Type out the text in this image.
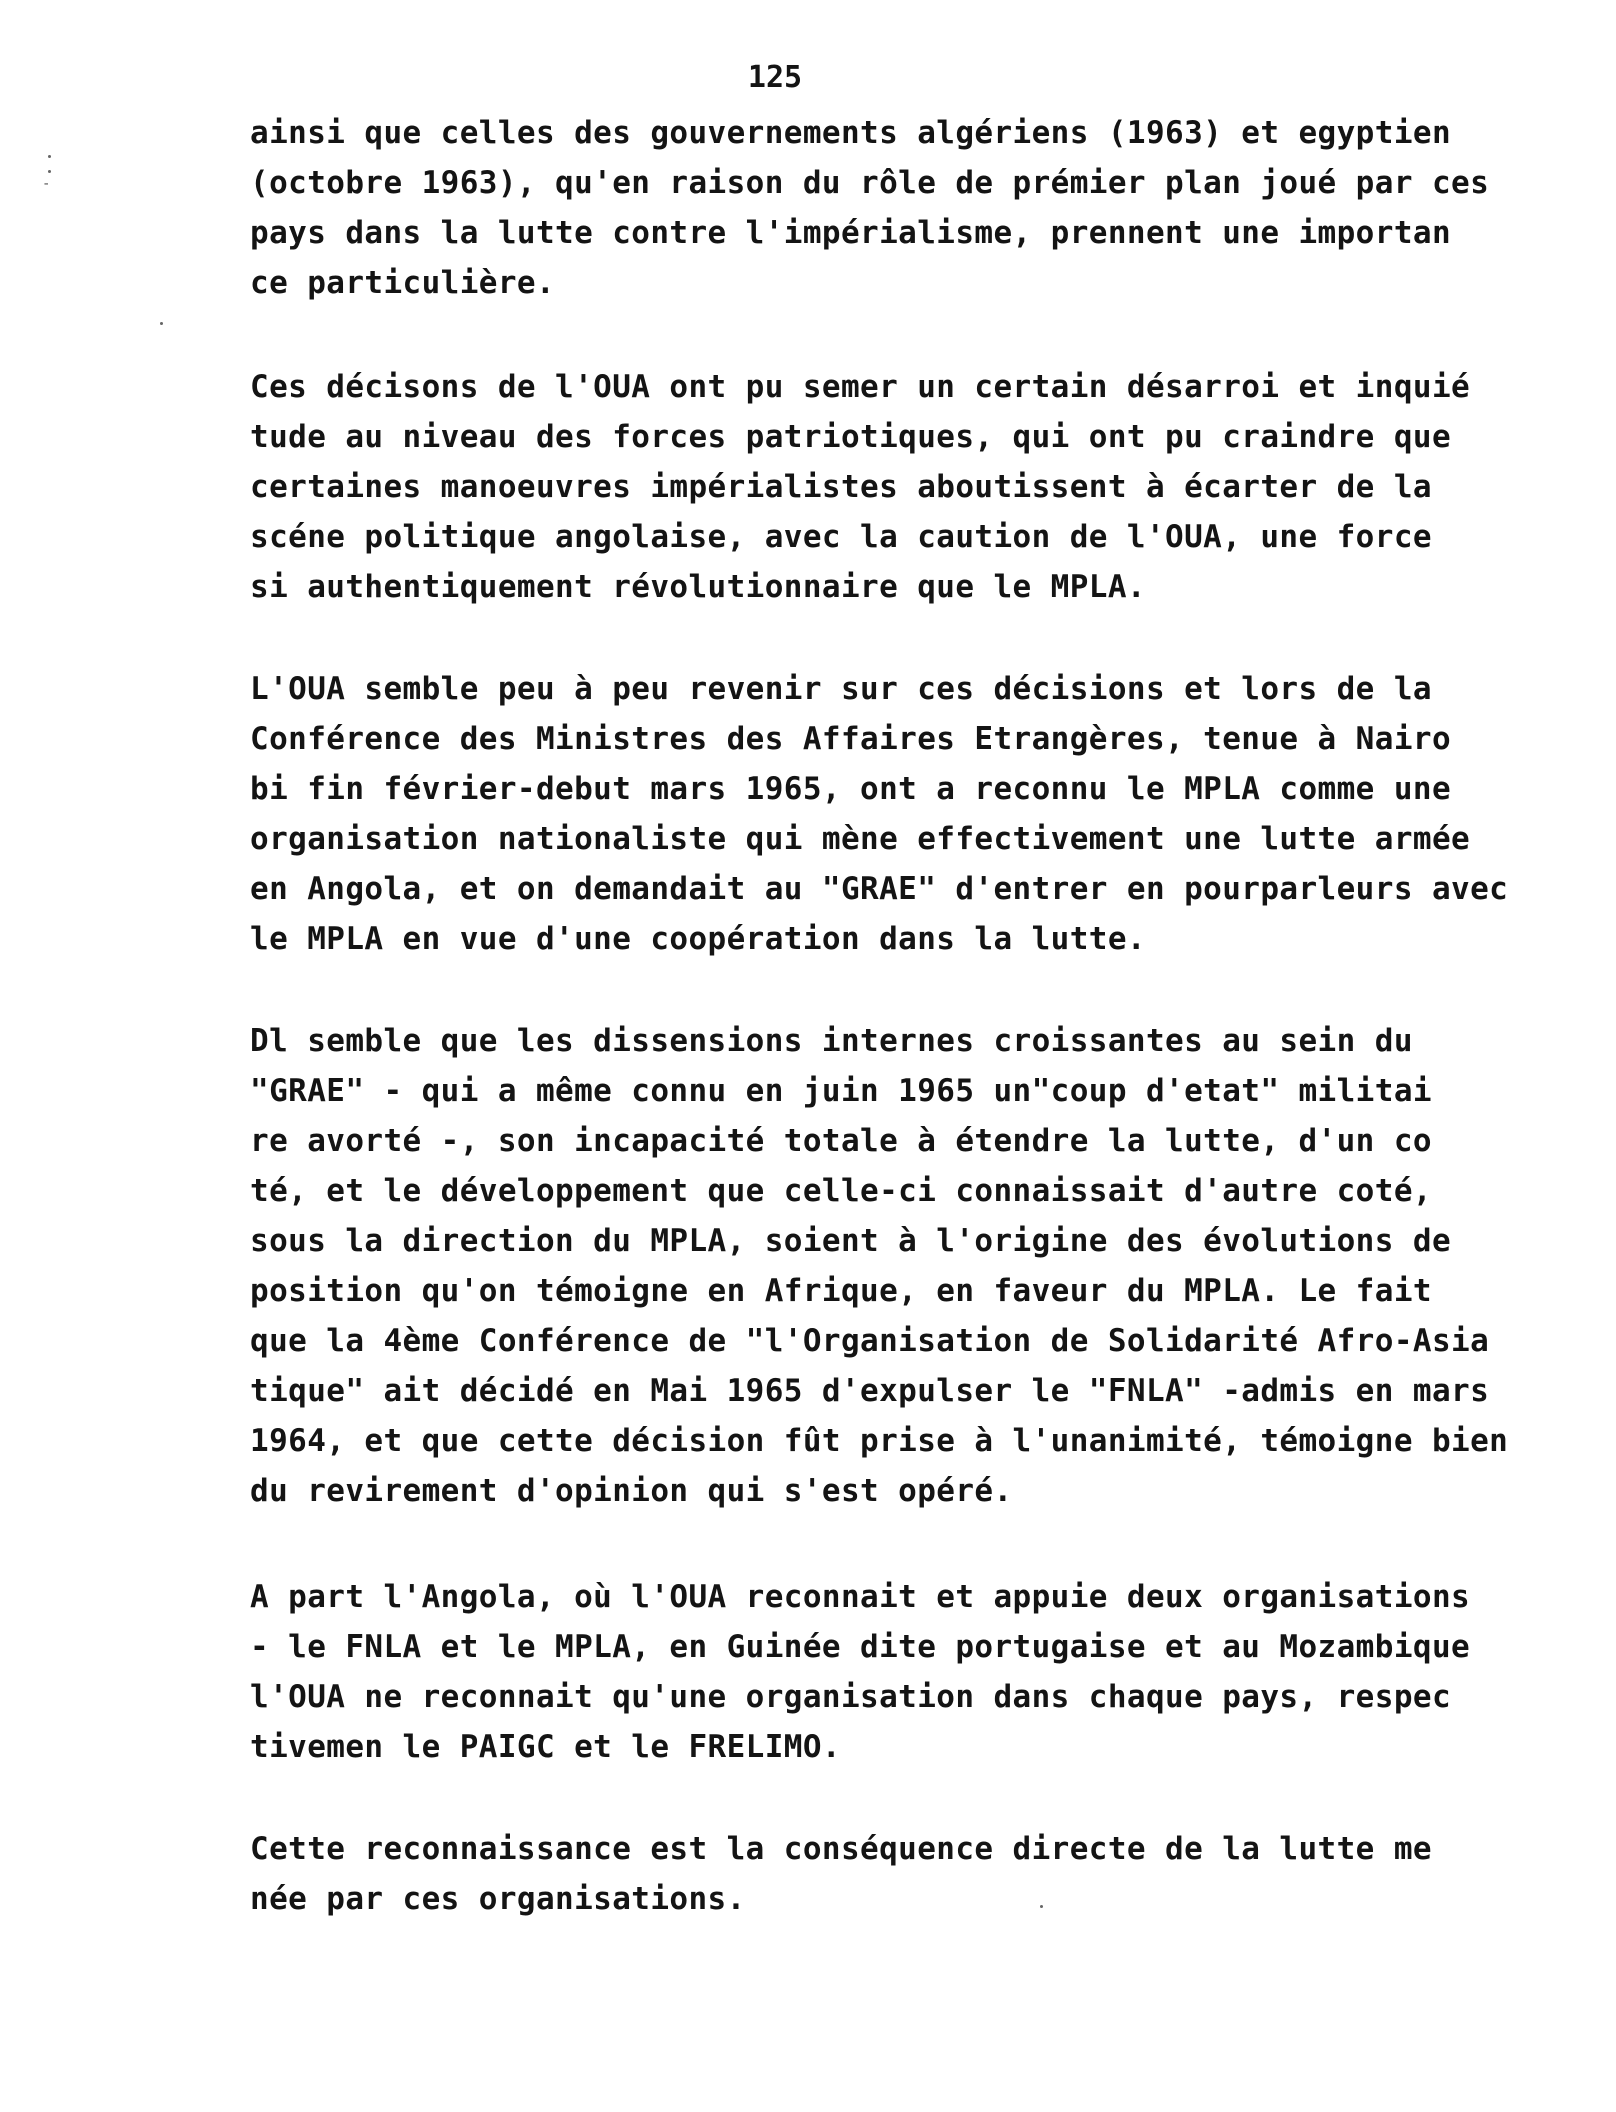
125
-
ainsi que celles des gouvernements algériens (1963) et egyptien
(octobre 1963), qu'en raison du rôle de prémier plan joué par ces
pays dans la lutte contre l'impérialisme, prennent une importan
ce particulière.
Ces décisons de l'OUA ont pu semer un certain désarroi et inquié
tude au niveau des forces patriotiques, qui ont pu craindre que
certaines manoeuvres impérialistes aboutissent à écarter de la
scéne politique angolaise, avec la caution de l'OUA, une force
si authentiquement révolutionnaire que le MPLA.
L'OUA semble peu à peu revenir sur ces décisions et lors de la
Conférence des Ministres des Affaires Etrangères, tenue à Nairo
bi fin février-debut mars 1965, ont a reconnu le MPLA comme une
organisation nationaliste qui mène effectivement une lutte armée
en Angola, et on demandait au "GRAE" d'entrer en pourparleurs avec
le MPLA en vue d'une coopération dans la lutte.
Dl semble que les dissensions internes croissantes au sein du
"GRAE" - qui a même connu en juin 1965 un"coup d'etat" militai
re avorté -, son incapacité totale à étendre la lutte, d'un co
té, et le développement que celle-ci connaissait d'autre coté,
sous la direction du MPLA, soient à l'origine des évolutions de
position qu'on témoigne en Afrique, en faveur du MPLA. Le fait
que la 4ème Conférence de "l'Organisation de Solidarité Afro-Asia
tique" ait décidé en Mai 1965 d'expulser le "FNLA" -admis en mars
1964, et que cette décision fût prise à l'unanimité, témoigne bien
du revirement d'opinion qui s'est opéré.
A part l'Angola, où l'OUA reconnait et appuie deux organisations
- le FNLA et le MPLA, en Guinée dite portugaise et au Mozambique
l'OUA ne reconnait qu'une organisation dans chaque pays, respec
tivemen le PAIGC et le FRELIMO.
Cette reconnaissance est la conséquence directe de la lutte me
née par ces organisations.
